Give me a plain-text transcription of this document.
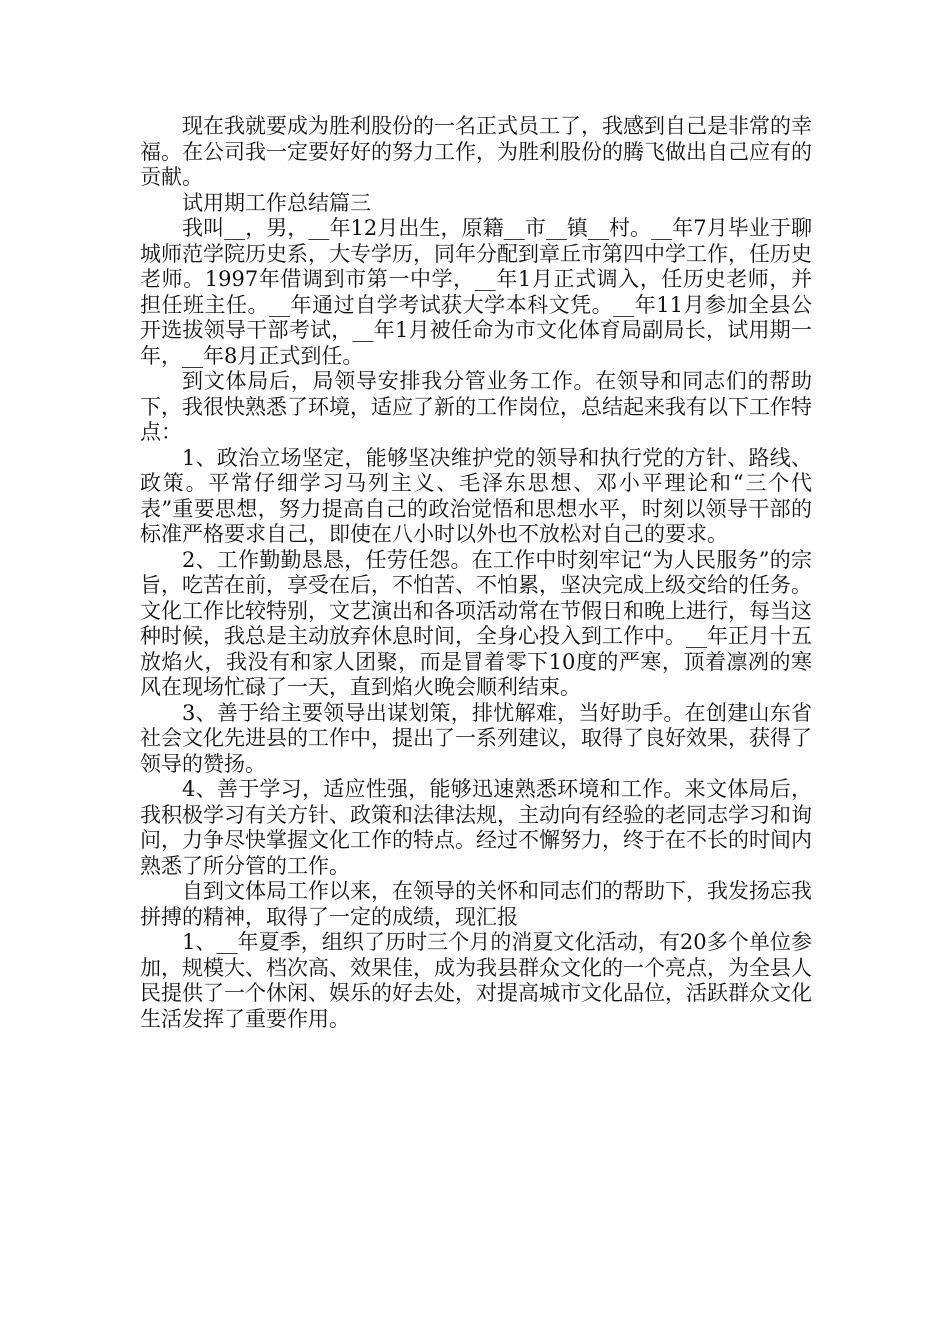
现在我就要成为胜利股份的一名正式员工了，我感到自己是非常的幸福。在公司我一定要好好的努力工作，为胜利股份的腾飞做出自己应有的贡献。

试用期工作总结篇三

我叫__，男，__年12月出生，原籍__市__镇__村。__年7月毕业于聊城师范学院历史系，大专学历，同年分配到章丘市第四中学工作，任历史老师。1997年借调到市第一中学，__年1月正式调入，任历史老师，并担任班主任。__年通过自学考试获大学本科文凭。__年11月参加全县公开选拔领导干部考试，__年1月被任命为市文化体育局副局长，试用期一年，__年8月正式到任。

到文体局后，局领导安排我分管业务工作。在领导和同志们的帮助下，我很快熟悉了环境，适应了新的工作岗位，总结起来我有以下工作特点：

1、政治立场坚定，能够坚决维护党的领导和执行党的方针、路线、政策。平常仔细学习马列主义、毛泽东思想、邓小平理论和“三个代表”重要思想，努力提高自己的政治觉悟和思想水平，时刻以领导干部的标准严格要求自己，即使在八小时以外也不放松对自己的要求。

2、工作勤勤恳恳，任劳任怨。在工作中时刻牢记“为人民服务”的宗旨，吃苦在前，享受在后，不怕苦、不怕累，坚决完成上级交给的任务。文化工作比较特别，文艺演出和各项活动常在节假日和晚上进行，每当这种时候，我总是主动放弃休息时间，全身心投入到工作中。__年正月十五放焰火，我没有和家人团聚，而是冒着零下10度的严寒，顶着凛冽的寒风在现场忙碌了一天，直到焰火晚会顺利结束。

3、善于给主要领导出谋划策，排忧解难，当好助手。在创建山东省社会文化先进县的工作中，提出了一系列建议，取得了良好效果，获得了领导的赞扬。

4、善于学习，适应性强，能够迅速熟悉环境和工作。来文体局后，我积极学习有关方针、政策和法律法规，主动向有经验的老同志学习和询问，力争尽快掌握文化工作的特点。经过不懈努力，终于在不长的时间内熟悉了所分管的工作。

自到文体局工作以来，在领导的关怀和同志们的帮助下，我发扬忘我拼搏的精神，取得了一定的成绩，现汇报

1、__年夏季，组织了历时三个月的消夏文化活动，有20多个单位参加，规模大、档次高、效果佳，成为我县群众文化的一个亮点，为全县人民提供了一个休闲、娱乐的好去处，对提高城市文化品位，活跃群众文化生活发挥了重要作用。
